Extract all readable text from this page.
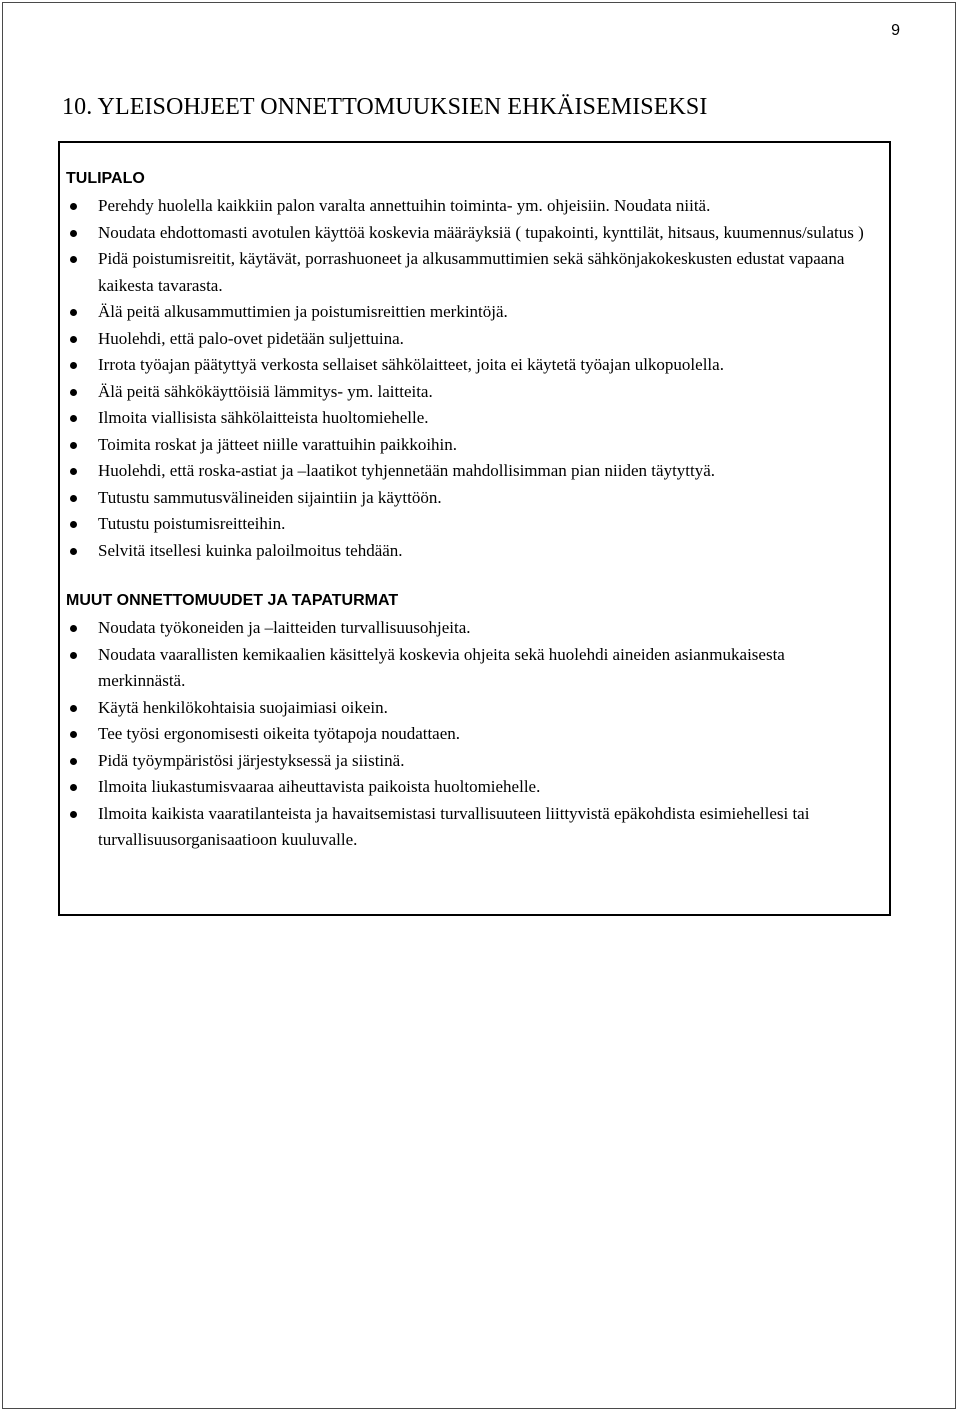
9
10. YLEISOHJEET ONNETTOMUUKSIEN EHKÄISEMISEKSI
TULIPALO
Perehdy huolella kaikkiin palon varalta annettuihin toiminta- ym. ohjeisiin. Noudata niitä.
Noudata ehdottomasti avotulen käyttöä koskevia määräyksiä ( tupakointi, kynttilät, hitsaus, kuumennus/sulatus )
Pidä poistumisreitit, käytävät, porrashuoneet ja alkusammuttimien sekä sähkönjakokeskusten edustat vapaana kaikesta tavarasta.
Älä peitä alkusammuttimien ja poistumisreittien merkintöjä.
Huolehdi, että palo-ovet pidetään suljettuina.
Irrota työajan päätyttyä verkosta sellaiset sähkölaitteet, joita ei käytetä työajan ulkopuolella.
Älä peitä sähkökäyttöisiä lämmitys- ym. laitteita.
Ilmoita viallisista sähkölaitteista huoltomiehelle.
Toimita roskat ja jätteet niille varattuihin paikkoihin.
Huolehdi, että roska-astiat ja –laatikot tyhjennetään mahdollisimman pian niiden täytyttyä.
Tutustu sammutusvälineiden sijaintiin ja käyttöön.
Tutustu poistumisreitteihin.
Selvitä itsellesi kuinka paloilmoitus tehdään.
MUUT ONNETTOMUUDET JA TAPATURMAT
Noudata työkoneiden ja –laitteiden turvallisuusohjeita.
Noudata vaarallisten kemikaalien käsittelyä koskevia ohjeita sekä huolehdi aineiden asianmukaisesta merkinnästä.
Käytä henkilökohtaisia suojaimiasi oikein.
Tee työsi ergonomisesti oikeita työtapoja noudattaen.
Pidä työympäristösi järjestyksessä ja siistinä.
Ilmoita liukastumisvaaraa aiheuttavista paikoista huoltomiehelle.
Ilmoita kaikista vaaratilanteista ja havaitsemistasi turvallisuuteen liittyvistä epäkohdista esimiehellesi tai turvallisuusorganisaatioon kuuluvalle.
